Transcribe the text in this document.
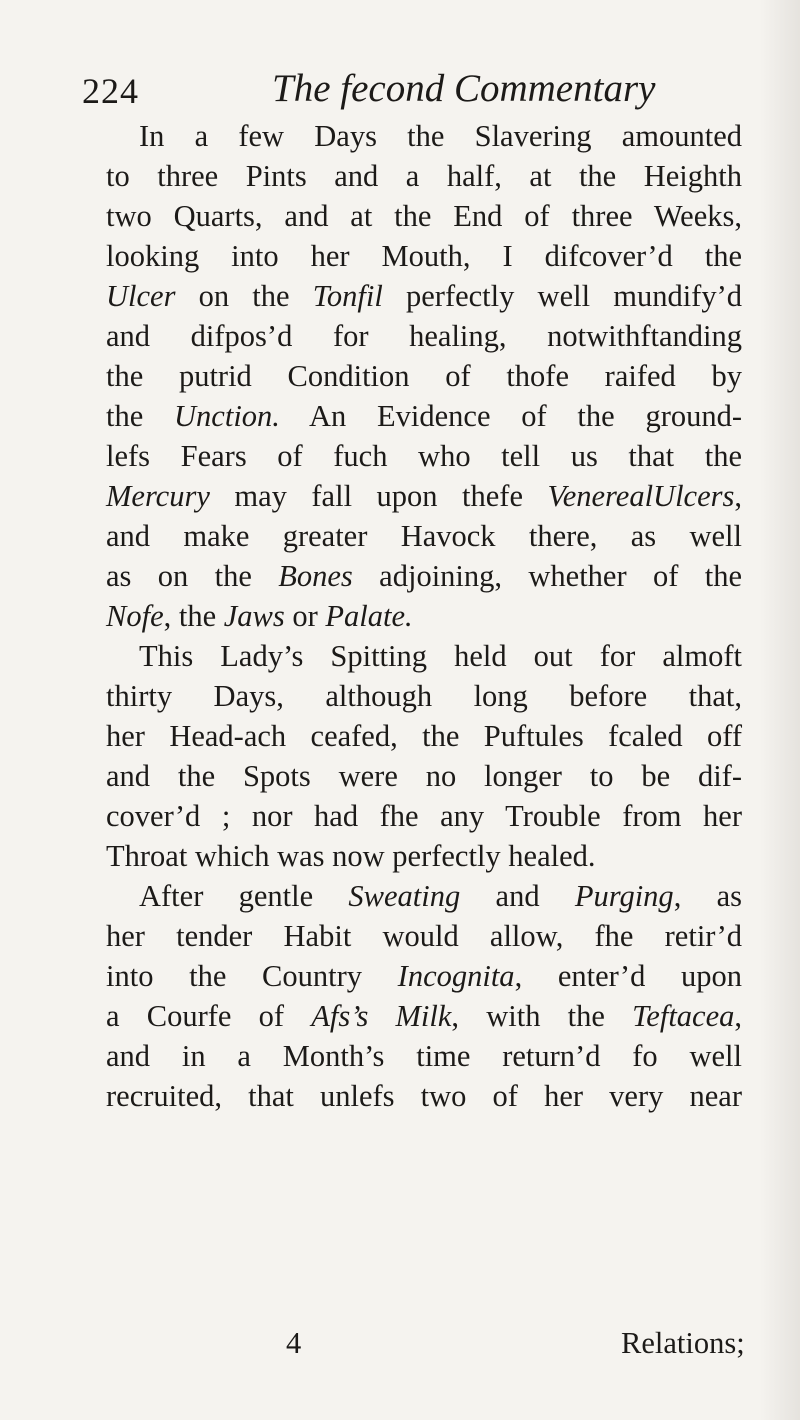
224	The fecond Commentary
In a few Days the Slavering amounted
to three Pints and a half, at the Heighth
two Quarts, and at the End of three Weeks,
looking into her Mouth, I difcover’d the
Ulcer on the Tonfil perfectly well mundify’d
and difpos’d for healing, notwithftanding
the putrid Condition of thofe raifed by
the Unction. An Evidence of the ground-
lefs Fears of fuch who tell us that the
Mercury may fall upon thefe VenerealUlcers,
and make greater Havock there, as well
as on the Bones adjoining, whether of the
Nofe, the Jaws or Palate.
This Lady’s Spitting held out for almoft
thirty Days, although long before that,
her Head-ach ceafed, the Puftules fcaled off
and the Spots were no longer to be dif-
cover’d ; nor had fhe any Trouble from her
Throat which was now perfectly healed.
After gentle Sweating and Purging, as
her tender Habit would allow, fhe retir’d
into the Country Incognita, enter’d upon
a Courfe of Afs’s Milk, with the Teftacea,
and in a Month’s time return’d fo well
recruited, that unlefs two of her very near
4	Relations;
